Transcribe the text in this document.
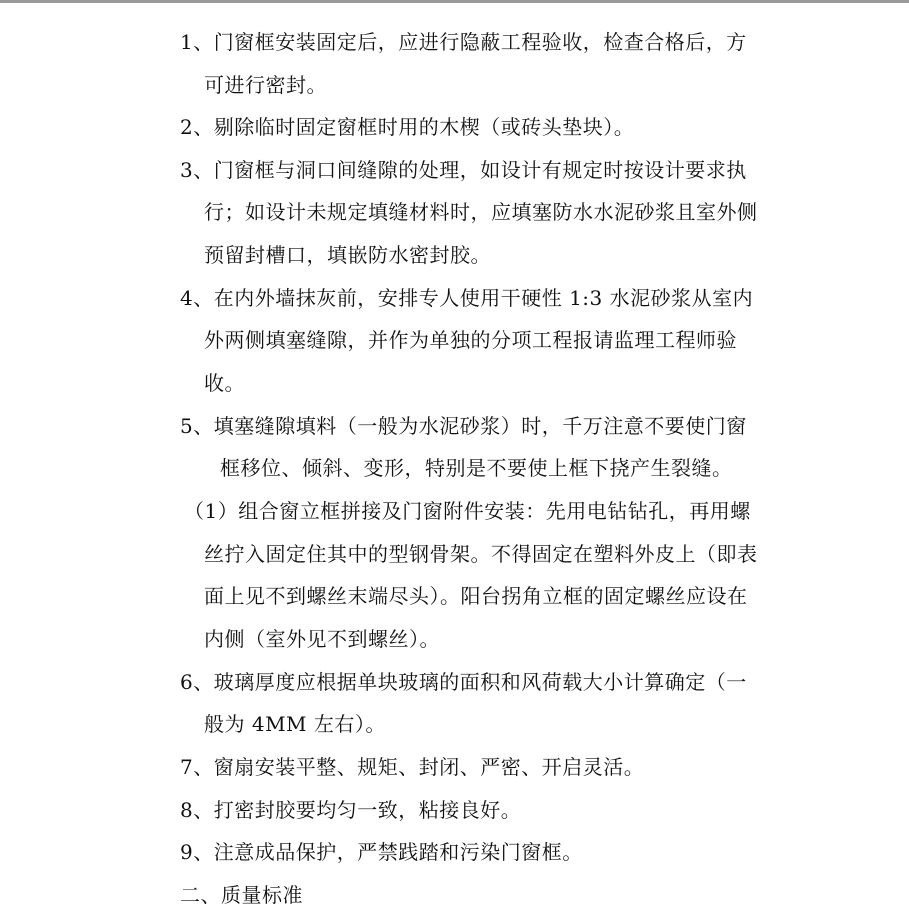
1、门窗框安装固定后，应进行隐蔽工程验收，检查合格后，方
可进行密封。
2、剔除临时固定窗框时用的木楔（或砖头垫块）。
3、门窗框与洞口间缝隙的处理，如设计有规定时按设计要求执
行；如设计未规定填缝材料时，应填塞防水水泥砂浆且室外侧
预留封槽口，填嵌防水密封胶。
4、在内外墙抹灰前，安排专人使用干硬性 1:3 水泥砂浆从室内
外两侧填塞缝隙，并作为单独的分项工程报请监理工程师验
收。
5、填塞缝隙填料（一般为水泥砂浆）时，千万注意不要使门窗
框移位、倾斜、变形，特别是不要使上框下挠产生裂缝。
（1）组合窗立框拼接及门窗附件安装：先用电钻钻孔，再用螺
丝拧入固定住其中的型钢骨架。不得固定在塑料外皮上（即表
面上见不到螺丝末端尽头）。阳台拐角立框的固定螺丝应设在
内侧（室外见不到螺丝）。
6、玻璃厚度应根据单块玻璃的面积和风荷载大小计算确定（一
般为 4MM 左右）。
7、窗扇安装平整、规矩、封闭、严密、开启灵活。
8、打密封胶要均匀一致，粘接良好。
9、注意成品保护，严禁践踏和污染门窗框。
二、质量标准
